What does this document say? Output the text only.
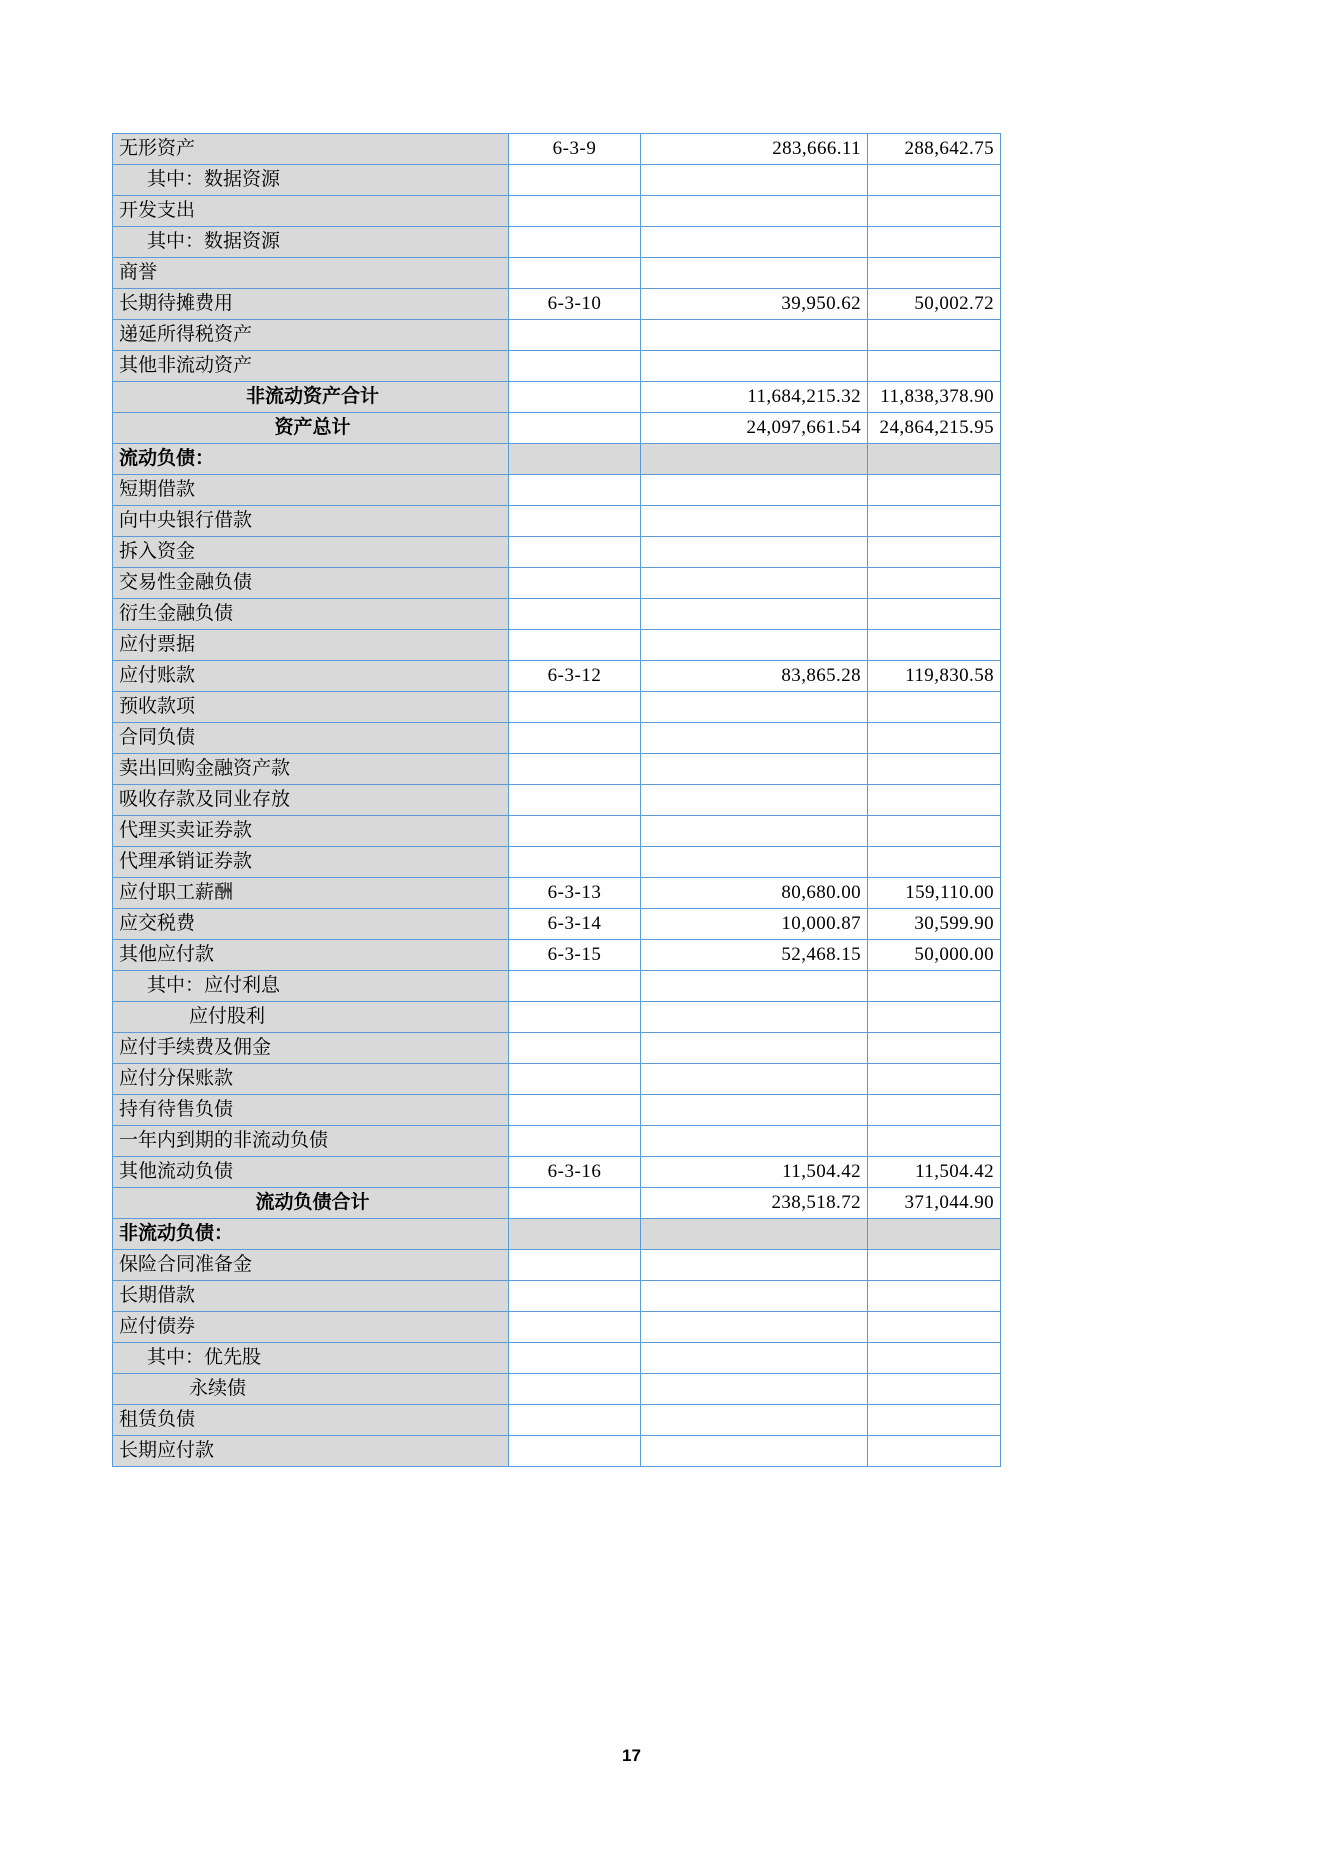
无形资产	6-3-9	283,666.11	288,642.75
其中：数据资源			
开发支出			
其中：数据资源			
商誉			
长期待摊费用	6-3-10	39,950.62	50,002.72
递延所得税资产			
其他非流动资产			
非流动资产合计		11,684,215.32	11,838,378.90
资产总计		24,097,661.54	24,864,215.95
流动负债：			
短期借款			
向中央银行借款			
拆入资金			
交易性金融负债			
衍生金融负债			
应付票据			
应付账款	6-3-12	83,865.28	119,830.58
预收款项			
合同负债			
卖出回购金融资产款			
吸收存款及同业存放			
代理买卖证券款			
代理承销证券款			
应付职工薪酬	6-3-13	80,680.00	159,110.00
应交税费	6-3-14	10,000.87	30,599.90
其他应付款	6-3-15	52,468.15	50,000.00
其中：应付利息			
应付股利			
应付手续费及佣金			
应付分保账款			
持有待售负债			
一年内到期的非流动负债			
其他流动负债	6-3-16	11,504.42	11,504.42
流动负债合计		238,518.72	371,044.90
非流动负债：			
保险合同准备金			
长期借款			
应付债券			
其中：优先股			
永续债			
租赁负债			
长期应付款			
17
